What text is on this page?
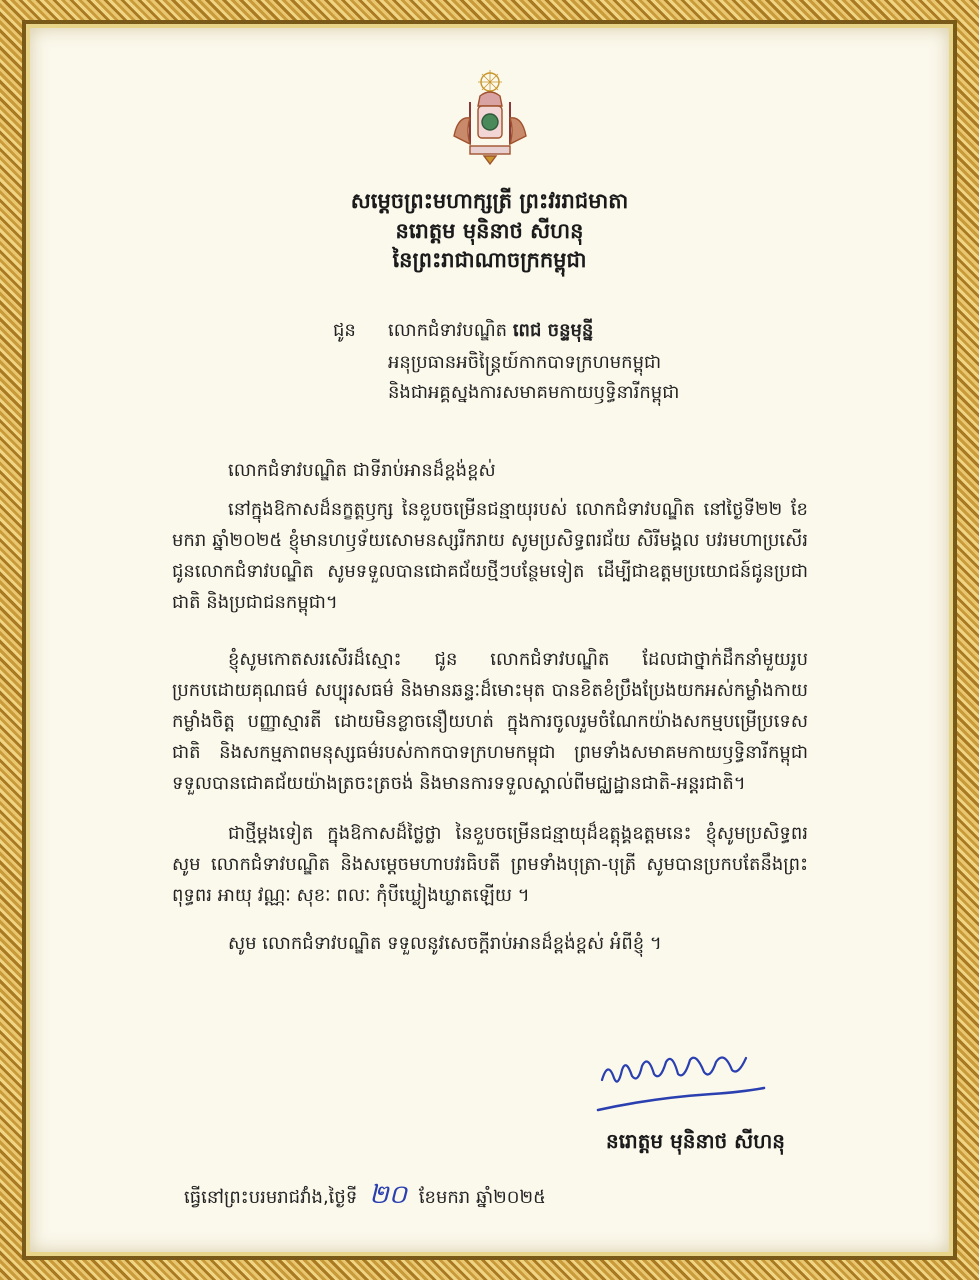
សម្ដេចព្រះមហាក្សត្រី ព្រះវររាជមាតា
នរោត្តម មុនិនាថ សីហនុ
នៃព្រះរាជាណាចក្រកម្ពុជា
ជូន លោកជំទាវបណ្ឌិត ពេជ ចន្ទមុន្នី
អនុប្រធានអចិន្ត្រៃយ៍កាកបាទក្រហមកម្ពុជា
និងជាអគ្គស្នងការសមាគមកាយឫទ្ធិនារីកម្ពុជា
លោកជំទាវបណ្ឌិត ជាទីរាប់អានដ៏ខ្ពង់ខ្ពស់
នៅក្នុងឱកាសដ៏នក្ខត្តឫក្ស នៃខួបចម្រើនជន្មាយុរបស់ លោកជំទាវបណ្ឌិត នៅថ្ងៃទី២២ ខែមករា ឆ្នាំ២០២៥ ខ្ញុំមានហឫទ័យសោមនស្សរីករាយ សូមប្រសិទ្ធពរជ័យ សិរីមង្គល បវរមហាប្រសើរ ជូនលោកជំទាវបណ្ឌិត សូមទទួលបានជោគជ័យថ្មីៗបន្ថែមទៀត ដើម្បីជាឧត្តមប្រយោជន៍ជូនប្រជាជាតិ និងប្រជាជនកម្ពុជា។
ខ្ញុំសូមកោតសរសើរដ៏ស្មោះ ជូន លោកជំទាវបណ្ឌិត ដែលជាថ្នាក់ដឹកនាំមួយរូប ប្រកបដោយគុណធម៌ សប្បុរសធម៌ និងមានឆន្ទៈដ៏មោះមុត បានខិតខំប្រឹងប្រែងយកអស់កម្លាំងកាយ កម្លាំងចិត្ត បញ្ញាស្មារតី ដោយមិនខ្លាចនឿយហត់ ក្នុងការចូលរួមចំណែកយ៉ាងសកម្មបម្រើប្រទេសជាតិ និងសកម្មភាពមនុស្សធម៌របស់កាកបាទក្រហមកម្ពុជា ព្រមទាំងសមាគមកាយឫទ្ធិនារីកម្ពុជា ទទួលបានជោគជ័យយ៉ាងត្រចះត្រចង់ និងមានការទទួលស្គាល់ពីមជ្ឈដ្ឋានជាតិ-អន្តរជាតិ។
ជាថ្មីម្ដងទៀត ក្នុងឱកាសដ៏ថ្លៃថ្លា នៃខួបចម្រើនជន្មាយុដ៏ឧត្តុង្គឧត្តមនេះ ខ្ញុំសូមប្រសិទ្ធពរ សូម លោកជំទាវបណ្ឌិត និងសម្ដេចមហាបវរធិបតី ព្រមទាំងបុត្រា-បុត្រី សូមបានប្រកបតែនឹងព្រះពុទ្ធពរ អាយុ វណ្ណៈ សុខៈ ពលៈ កុំបីឃ្លៀងឃ្លាតឡើយ ។
សូម លោកជំទាវបណ្ឌិត ទទួលនូវសេចក្ដីរាប់អានដ៏ខ្ពង់ខ្ពស់ អំពីខ្ញុំ ។
នរោត្តម មុនិនាថ សីហនុ
ធ្វើនៅព្រះបរមរាជវាំង,ថ្ងៃទី ២០ ខែមករា ឆ្នាំ២០២៥
